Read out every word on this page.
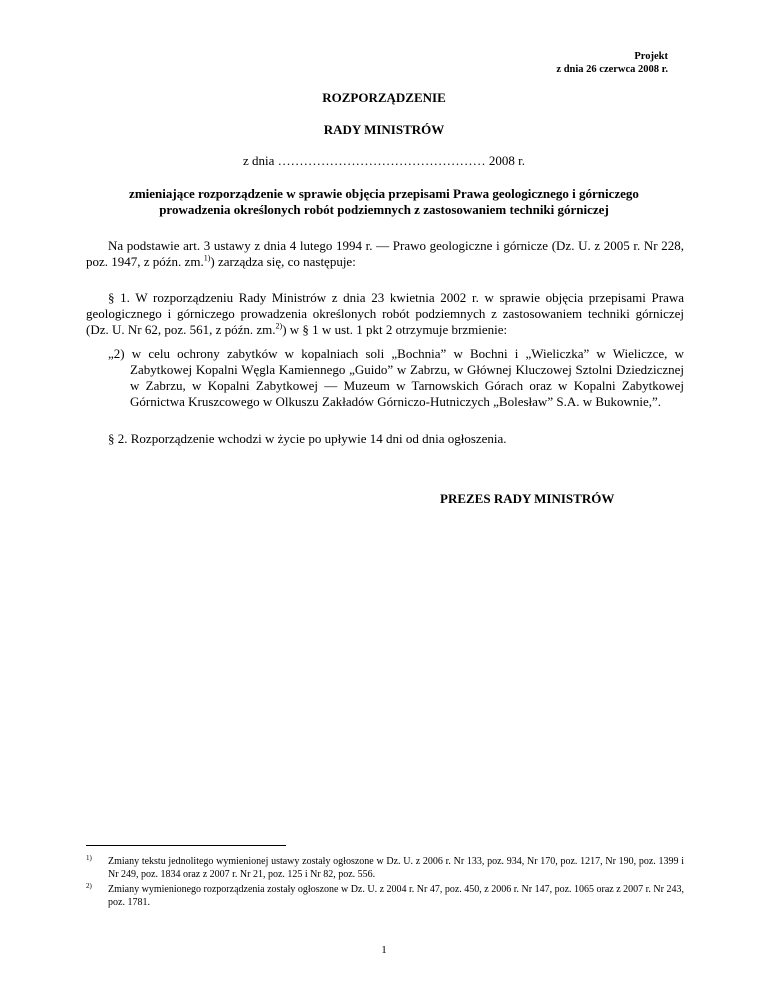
Projekt
z dnia 26 czerwca 2008 r.
ROZPORZĄDZENIE
RADY MINISTRÓW
z dnia ………………………………………… 2008 r.
zmieniające rozporządzenie w sprawie objęcia przepisami Prawa geologicznego i górniczego
prowadzenia określonych robót podziemnych z zastosowaniem techniki górniczej
Na podstawie art. 3 ustawy z dnia 4 lutego 1994 r. — Prawo geologiczne i górnicze (Dz. U. z 2005 r. Nr 228, poz. 1947, z późn. zm.$^{1)}$) zarządza się, co następuje:
§ 1. W rozporządzeniu Rady Ministrów z dnia 23 kwietnia 2002 r. w sprawie objęcia przepisami Prawa geologicznego i górniczego prowadzenia określonych robót podziemnych z zastosowaniem techniki górniczej (Dz. U. Nr 62, poz. 561, z późn. zm.$^{2)}$) w § 1 w ust. 1 pkt 2 otrzymuje brzmienie:
„2) w celu ochrony zabytków w kopalniach soli „Bochnia” w Bochni i „Wieliczka” w Wieliczce, w Zabytkowej Kopalni Węgla Kamiennego „Guido” w Zabrzu, w Głównej Kluczowej Sztolni Dziedzicznej w Zabrzu, w Kopalni Zabytkowej — Muzeum w Tarnowskich Górach oraz w Kopalni Zabytkowej Górnictwa Kruszcowego w Olkuszu Zakładów Górniczo-Hutniczych „Bolesław” S.A. w Bukownie,”.
§ 2. Rozporządzenie wchodzi w życie po upływie 14 dni od dnia ogłoszenia.
PREZES RADY MINISTRÓW
1) Zmiany tekstu jednolitego wymienionej ustawy zostały ogłoszone w Dz. U. z 2006 r. Nr 133, poz. 934, Nr 170, poz. 1217, Nr 190, poz. 1399 i Nr 249, poz. 1834 oraz z 2007 r. Nr 21, poz. 125 i Nr 82, poz. 556.
2) Zmiany wymienionego rozporządzenia zostały ogłoszone w Dz. U. z 2004 r. Nr 47, poz. 450, z 2006 r. Nr 147, poz. 1065 oraz z 2007 r. Nr 243, poz. 1781.
1
